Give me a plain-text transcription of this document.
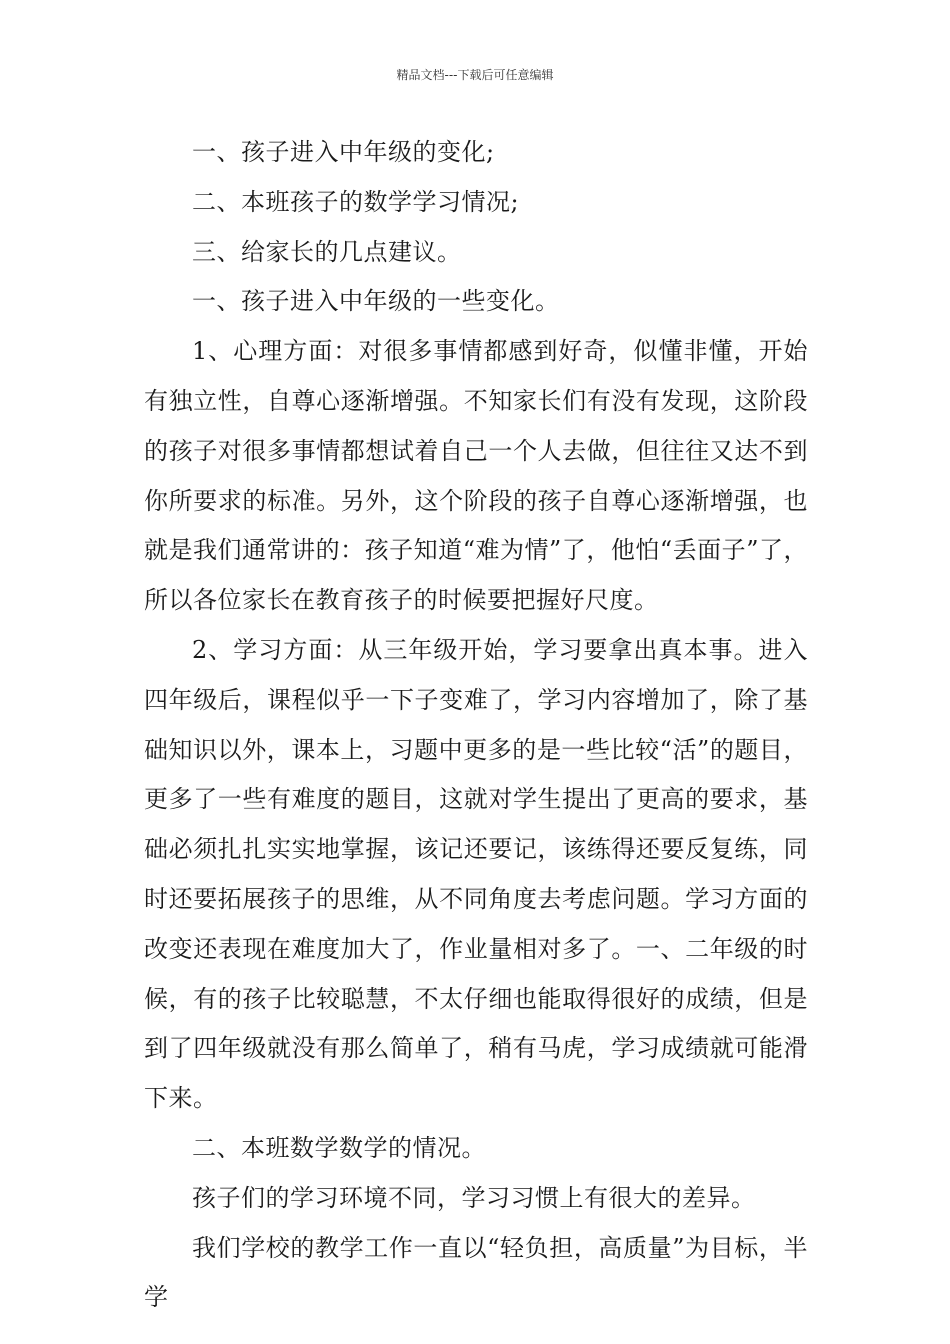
精品文档---下载后可任意编辑

一、孩子进入中年级的变化;

二、本班孩子的数学学习情况;

三、给家长的几点建议。

一、孩子进入中年级的一些变化。

1、心理方面：对很多事情都感到好奇，似懂非懂，开始有独立性，自尊心逐渐增强。不知家长们有没有发现，这阶段的孩子对很多事情都想试着自己一个人去做，但往往又达不到你所要求的标准。另外，这个阶段的孩子自尊心逐渐增强，也就是我们通常讲的：孩子知道“难为情”了，他怕“丢面子”了，所以各位家长在教育孩子的时候要把握好尺度。

2、学习方面：从三年级开始，学习要拿出真本事。进入四年级后，课程似乎一下子变难了，学习内容增加了，除了基础知识以外，课本上，习题中更多的是一些比较“活”的题目，更多了一些有难度的题目，这就对学生提出了更高的要求，基础必须扎扎实实地掌握，该记还要记，该练得还要反复练，同时还要拓展孩子的思维，从不同角度去考虑问题。学习方面的改变还表现在难度加大了，作业量相对多了。一、二年级的时候，有的孩子比较聪慧，不太仔细也能取得很好的成绩，但是到了四年级就没有那么简单了，稍有马虎，学习成绩就可能滑下来。

二、本班数学数学的情况。

孩子们的学习环境不同，学习习惯上有很大的差异。

我们学校的教学工作一直以“轻负担，高质量”为目标，半学
